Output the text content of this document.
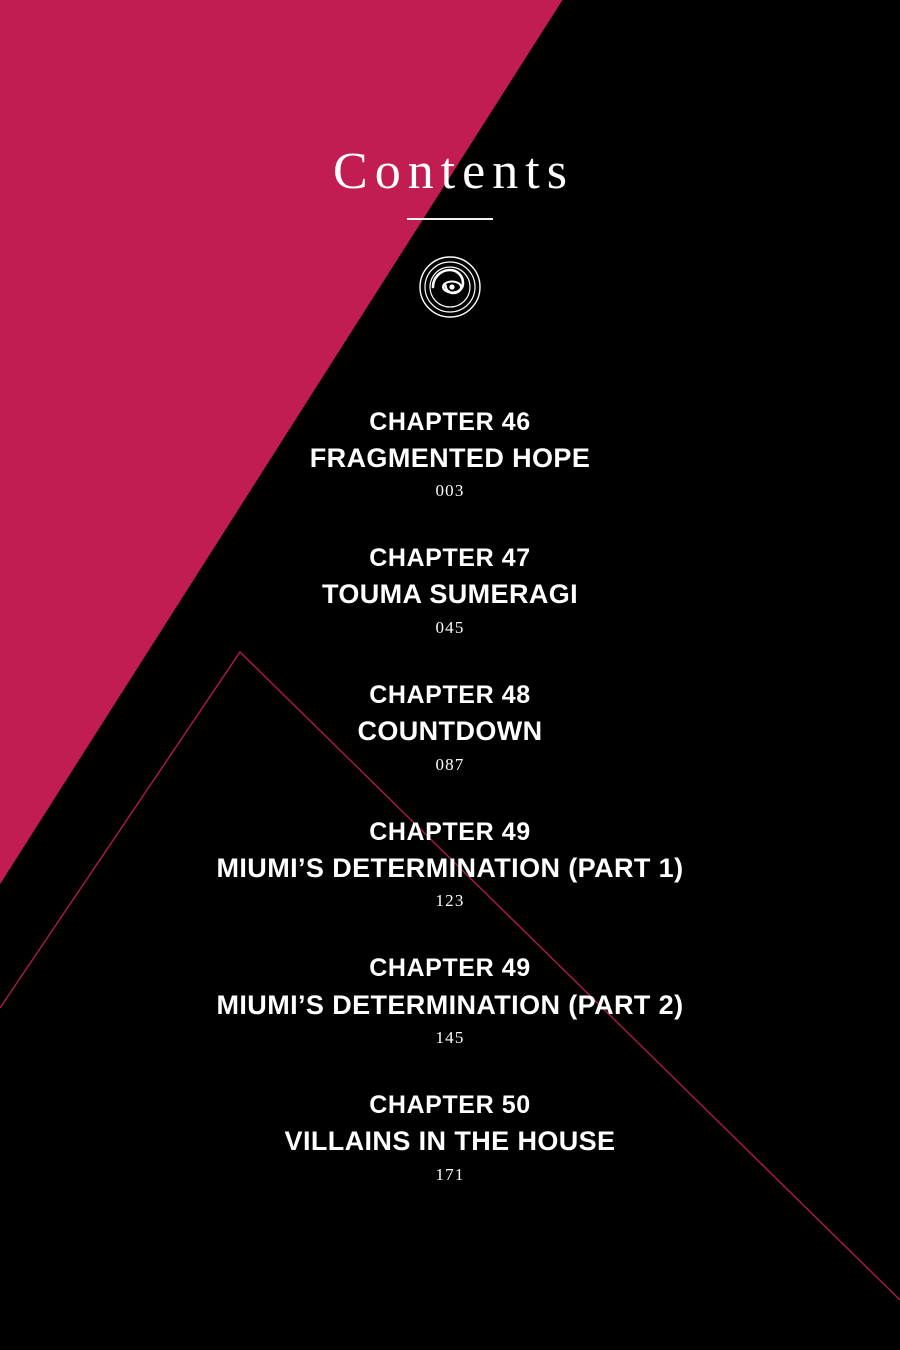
Contents
CHAPTER 46
FRAGMENTED HOPE
003
CHAPTER 47
TOUMA SUMERAGI
045
CHAPTER 48
COUNTDOWN
087
CHAPTER 49
MIUMI’S DETERMINATION (PART 1)
123
CHAPTER 49
MIUMI’S DETERMINATION (PART 2)
145
CHAPTER 50
VILLAINS IN THE HOUSE
171
